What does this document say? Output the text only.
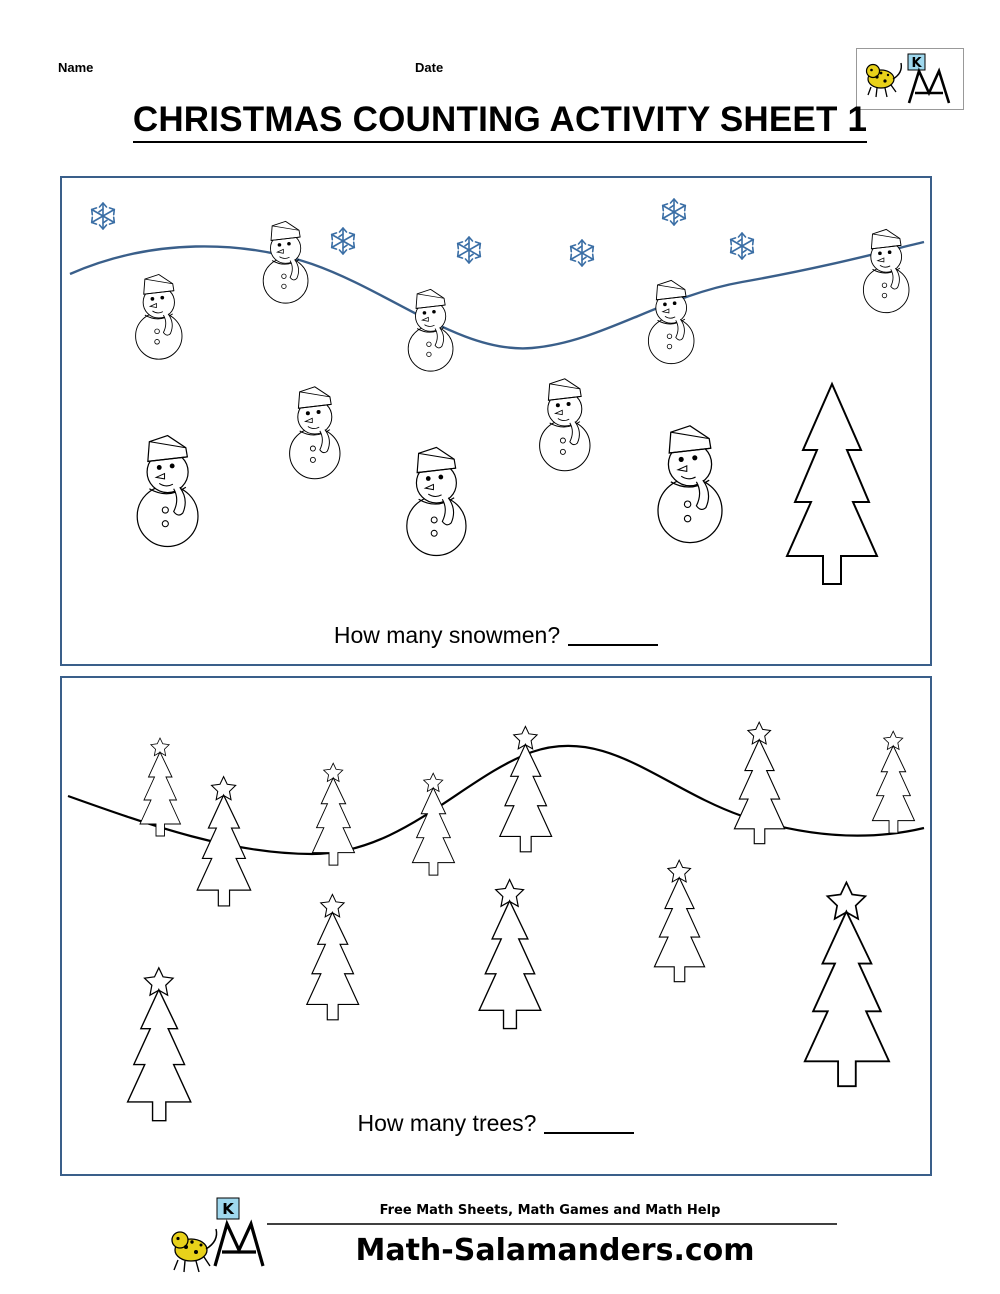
Name	Date	K
CHRISTMAS COUNTING ACTIVITY SHEET 1
How many snowmen?
How many trees?
K	Free Math Sheets, Math Games and Math Help
Math-Salamanders.com
